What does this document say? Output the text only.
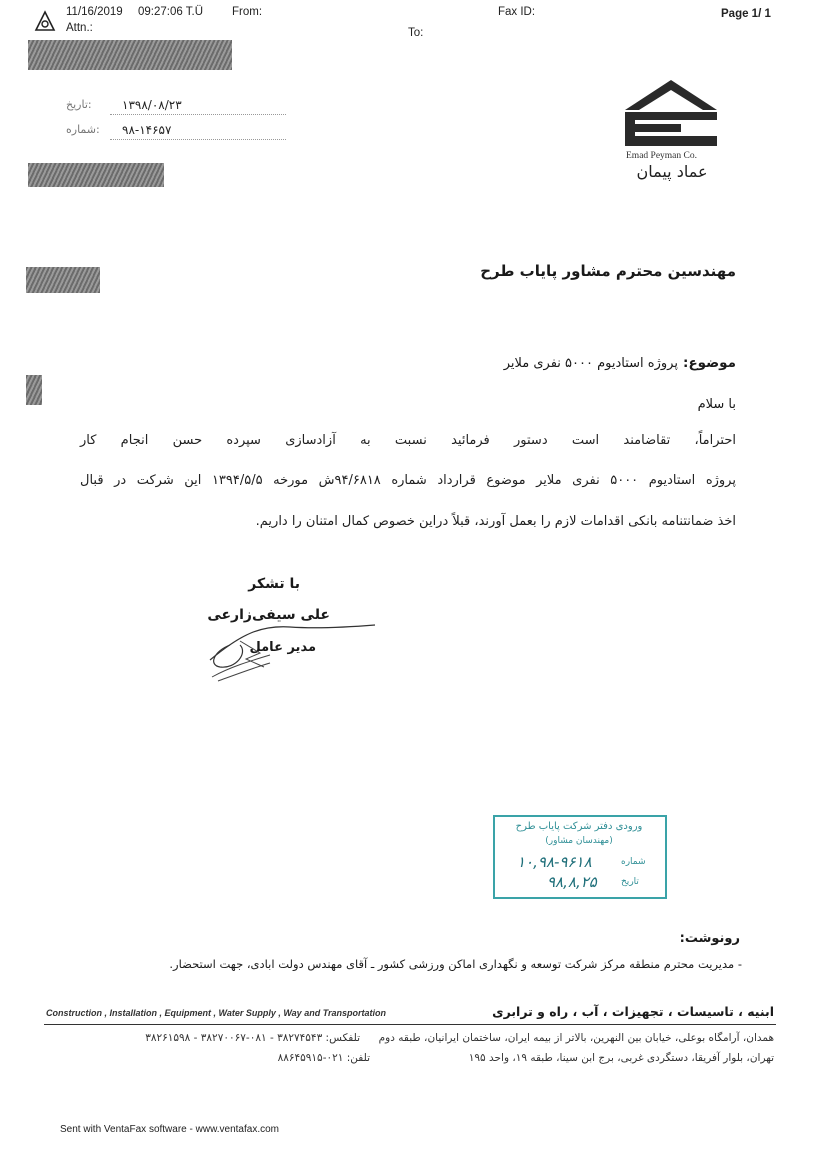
11/16/2019 09:27:06 T.Ü	From:	Fax ID:	Page 1/ 1
Attn.:	To:
تاریخ:	۱۳۹۸/۰۸/۲۳
شماره: ۹۸-۱۴۶۵۷
Emad Peyman Co.
عماد پیمان
مهندسین محترم مشاور پایاب طرح
موضوع: پروژه استادیوم ۵۰۰۰ نفری ملایر
با سلام
احتراماً، تقاضامند است دستور فرمائید نسبت به آزادسازی سپرده حسن انجام کار
پروژه استادیوم ۵۰۰۰ نفری ملایر موضوع قرارداد شماره ۹۴/۶۸۱۸ش مورخه ۱۳۹۴/۵/۵ این شرکت در قبال
اخذ ضمانتنامه بانکی اقدامات لازم را بعمل آورند، قبلاً دراین خصوص کمال امتنان را داریم.
با تشکر
علی سیفی‌زارعی
مدیر عامل
ورودی دفتر شرکت پایاب طرح
(مهندسان مشاور)
شماره
۱۰,۹۸-۹۶۱۸
تاریخ
۹۸,۸,۲۵
رونوشت:
- مدیریت محترم منطقه مرکز شرکت توسعه و نگهداری اماکن ورزشی کشور ـ آقای مهندس دولت ابادی، جهت استحضار.
Construction , Installation , Equipment , Water Supply , Way and Transportation	ابنیه ، تاسیسات ، تجهیزات ، آب ، راه و ترابری
همدان، آرامگاه بوعلی، خیابان بین النهرین، بالاتر از بیمه ایران، ساختمان ایرانیان، طبقه دوم
تلفکس: ۳۸۲۷۴۵۴۳ - ۰۸۱-۳۸۲۷۰۰۶۷ - ۳۸۲۶۱۵۹۸
تهران، بلوار آفریقا، دستگردی غربی، برج ابن سینا، طبقه ۱۹، واحد ۱۹۵
تلفن: ۰۲۱-۸۸۶۴۵۹۱۵
Sent with VentaFax software - www.ventafax.com
